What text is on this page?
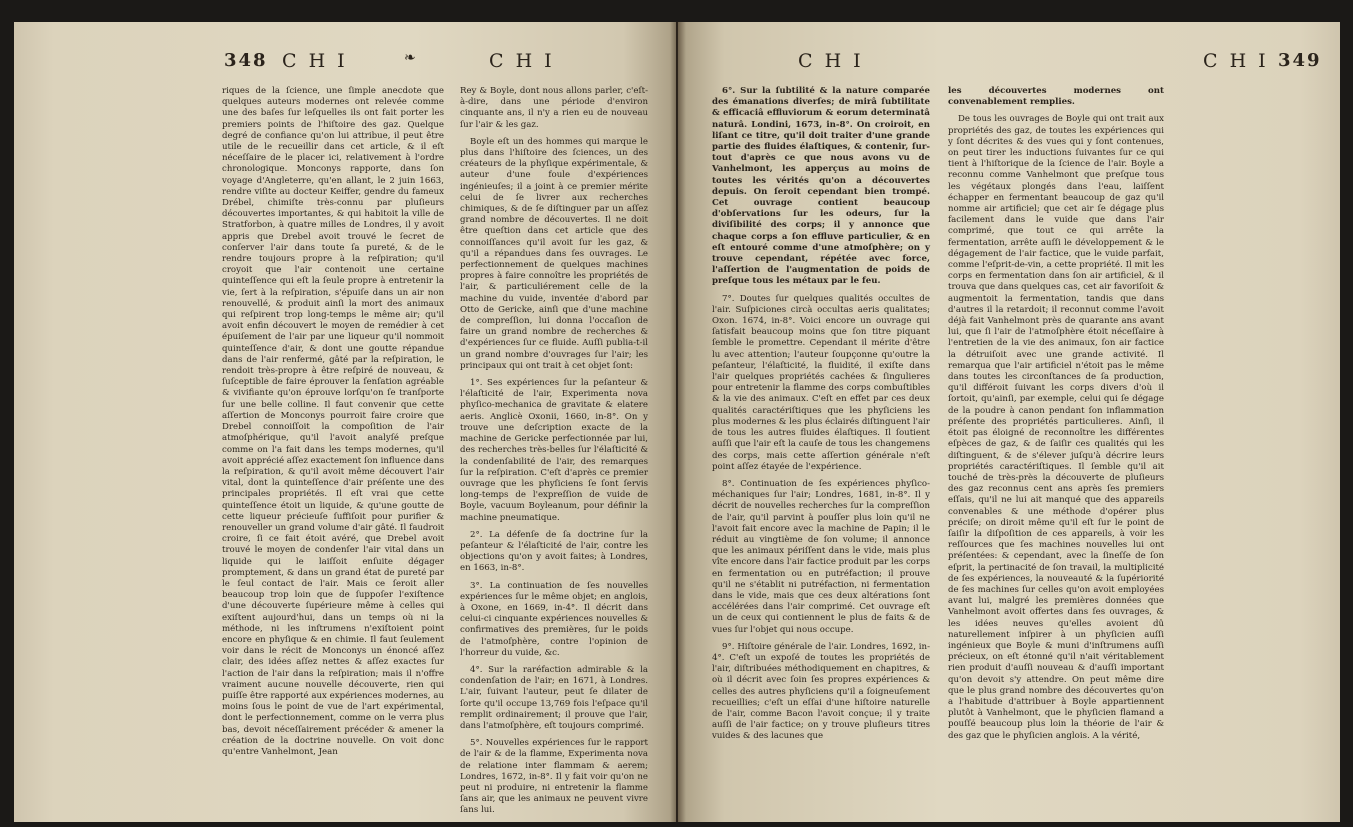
348 C H I	❧	C H I

riques de la ſcience, une ſimple anecdote que quelques auteurs modernes ont relevée comme une des baſes ſur leſquelles ils ont fait porter les premiers points de l'hiſtoire des gaz. Quelque degré de confiance qu'on lui attribue, il peut être utile de le recueillir dans cet article, & il eſt néceſſaire de le placer ici, relativement à l'ordre chronologique. Monconys rapporte, dans ſon voyage d'Angleterre, qu'en allant, le 2 juin 1663, rendre viſite au docteur Keiffer, gendre du fameux Drébel, chimiſte très-connu par pluſieurs découvertes importantes, & qui habitoit la ville de Stratforbon, à quatre milles de Londres, il y avoit appris que Drebel avoit trouvé le ſecret de conſerver l'air dans toute ſa pureté, & de le rendre toujours propre à la reſpiration; qu'il croyoit que l'air contenoit une certaine quinteſſence qui eſt la ſeule propre à entretenir la vie, ſert à la reſpiration, s'épuiſe dans un air non renouvellé, & produit ainſi la mort des animaux qui reſpirent trop long-temps le même air; qu'il avoit enfin découvert le moyen de remédier à cet épuiſement de l'air par une liqueur qu'il nommoit quinteſſence d'air, & dont une goutte répandue dans de l'air renfermé, gâté par la reſpiration, le rendoit très-propre à être reſpiré de nouveau, & ſuſceptible de faire éprouver la ſenſation agréable & vivifiante qu'on éprouve lorſqu'on ſe tranſporte ſur une belle colline. Il faut convenir que cette aſſertion de Monconys pourroit faire croire que Drebel connoiſſoit la compoſition de l'air atmoſphérique, qu'il l'avoit analyſé preſque comme on l'a fait dans les temps modernes, qu'il avoit apprécié aſſez exactement ſon influence dans la reſpiration, & qu'il avoit même découvert l'air vital, dont la quinteſſence d'air préſente une des principales propriétés. Il eſt vrai que cette quinteſſence étoit un liquide, & qu'une goutte de cette liqueur précieuſe ſuffiſoit pour purifier & renouveller un grand volume d'air gâté. Il faudroit croire, ſi ce fait étoit avéré, que Drebel avoit trouvé le moyen de condenſer l'air vital dans un liquide qui le laiſſoit enſuite dégager promptement, & dans un grand état de pureté par le ſeul contact de l'air. Mais ce ſeroit aller beaucoup trop loin que de ſuppoſer l'exiſtence d'une découverte ſupérieure même à celles qui exiſtent aujourd'hui, dans un temps où ni la méthode, ni les inſtrumens n'exiſtoient point encore en phyſique & en chimie. Il faut ſeulement voir dans le récit de Monconys un énoncé aſſez clair, des idées aſſez nettes & aſſez exactes ſur l'action de l'air dans la reſpiration; mais il n'offre vraiment aucune nouvelle découverte, rien qui puiſſe être rapporté aux expériences modernes, au moins ſous le point de vue de l'art expérimental, dont le perfectionnement, comme on le verra plus bas, devoit néceſſairement précéder & amener la création de la doctrine nouvelle. On voit donc qu'entre Vanhelmont, Jean

Rey & Boyle, dont nous allons parler, c'eſt-à-dire, dans une période d'environ cinquante ans, il n'y a rien eu de nouveau ſur l'air & les gaz.

Boyle eſt un des hommes qui marque le plus dans l'hiſtoire des ſciences, un des créateurs de la phyſique expérimentale, & auteur d'une foule d'expériences ingénieuſes; il a joint à ce premier mérite celui de ſe livrer aux recherches chimiques, & de ſe diſtinguer par un aſſez grand nombre de découvertes. Il ne doit être queſtion dans cet article que des connoiſſances qu'il avoit ſur les gaz, & qu'il a répandues dans ſes ouvrages. Le perfectionnement de quelques machines propres à faire connoître les propriétés de l'air, & particuliérement celle de la machine du vuide, inventée d'abord par Otto de Gericke, ainſi que d'une machine de compreſſion, lui donna l'occaſion de faire un grand nombre de recherches & d'expériences ſur ce fluide. Auſſi publia-t-il un grand nombre d'ouvrages ſur l'air; les principaux qui ont trait à cet objet ſont:

1°. Ses expériences ſur la peſanteur & l'élaſticité de l'air, Experimenta nova phyſico-mechanica de gravitate & elatere aeris. Anglicè Oxonii, 1660, in-8°. On y trouve une deſcription exacte de la machine de Gericke perfectionnée par lui, des recherches très-belles ſur l'élaſticité & la condenſabilité de l'air, des remarques ſur la reſpiration. C'eſt d'après ce premier ouvrage que les phyſiciens ſe ſont ſervis long-temps de l'expreſſion de vuide de Boyle, vacuum Boyleanum, pour définir la machine pneumatique.

2°. La défenſe de ſa doctrine ſur la peſanteur & l'élaſticité de l'air, contre les objections qu'on y avoit faites; à Londres, en 1663, in-8°.

3°. La continuation de ſes nouvelles expériences ſur le même objet; en anglois, à Oxone, en 1669, in-4°. Il décrit dans celui-ci cinquante expériences nouvelles & confirmatives des premières, ſur le poids de l'atmoſphère, contre l'opinion de l'horreur du vuide, &c.

4°. Sur la raréfaction admirable & la condenſation de l'air; en 1671, à Londres. L'air, ſuivant l'auteur, peut ſe dilater de ſorte qu'il occupe 13,769 fois l'eſpace qu'il remplit ordinairement; il prouve que l'air, dans l'atmoſphère, eſt toujours comprimé.

5°. Nouvelles expériences ſur le rapport de l'air & de la flamme, Experimenta nova de relatione inter flammam & aerem; Londres, 1672, in-8°. Il y fait voir qu'on ne peut ni produire, ni entretenir la flamme ſans air, que les animaux ne peuvent vivre ſans lui.

C H I	C H I 349

6°. Sur la ſubtilité & la nature comparée des émanations diverſes; de mirâ ſubtilitate & efficaciâ effluviorum & eorum determinatâ naturâ. Londini, 1673, in-8°. On croiroit, en liſant ce titre, qu'il doit traiter d'une grande partie des fluides élaſtiques, & contenir, ſur-tout d'après ce que nous avons vu de Vanhelmont, les apperçus au moins de toutes les vérités qu'on a découvertes depuis. On ſeroit cependant bien trompé. Cet ouvrage contient beaucoup d'obſervations ſur les odeurs, ſur la diviſibilité des corps; il y annonce que chaque corps a ſon effluve particulier, & en eſt entouré comme d'une atmoſphère; on y trouve cependant, répétée avec force, l'aſſertion de l'augmentation de poids de preſque tous les métaux par le feu.

7°. Doutes ſur quelques qualités occultes de l'air. Suſpiciones circà occultas aeris qualitates; Oxon. 1674, in-8°. Voici encore un ouvrage qui ſatisfait beaucoup moins que ſon titre piquant ſemble le promettre. Cependant il mérite d'être lu avec attention; l'auteur ſoupçonne qu'outre la peſanteur, l'élaſticité, la fluidité, il exiſte dans l'air quelques propriétés cachées & ſingulieres pour entretenir la flamme des corps combuſtibles & la vie des animaux. C'eſt en effet par ces deux qualités caractériſtiques que les phyſiciens les plus modernes & les plus éclairés diſtinguent l'air de tous les autres fluides élaſtiques. Il ſoutient auſſi que l'air eſt la cauſe de tous les changemens des corps, mais cette aſſertion générale n'eſt point aſſez étayée de l'expérience.

8°. Continuation de ſes expériences phyſico-méchaniques ſur l'air; Londres, 1681, in-8°. Il y décrit de nouvelles recherches ſur la compreſſion de l'air, qu'il parvint à pouſſer plus loin qu'il ne l'avoit fait encore avec la machine de Papin; il le réduit au vingtième de ſon volume; il annonce que les animaux périſſent dans le vide, mais plus vîte encore dans l'air factice produit par les corps en fermentation ou en putréfaction; il prouve qu'il ne s'établit ni putréfaction, ni fermentation dans le vide, mais que ces deux altérations ſont accélérées dans l'air comprimé. Cet ouvrage eſt un de ceux qui contiennent le plus de faits & de vues ſur l'objet qui nous occupe.

9°. Hiſtoire générale de l'air. Londres, 1692, in-4°. C'eſt un expoſé de toutes les propriétés de l'air, diſtribuées méthodiquement en chapitres, & où il décrit avec ſoin ſes propres expériences & celles des autres phyſiciens qu'il a ſoigneuſement recueillies; c'eſt un eſſai d'une hiſtoire naturelle de l'air, comme Bacon l'avoit conçue; il y traite auſſi de l'air factice; on y trouve pluſieurs titres vuides & des lacunes que

les découvertes modernes ont convenablement remplies.

De tous les ouvrages de Boyle qui ont trait aux propriétés des gaz, de toutes les expériences qui y ſont décrites & des vues qui y ſont contenues, on peut tirer les inductions ſuivantes ſur ce qui tient à l'hiſtorique de la ſcience de l'air. Boyle a reconnu comme Vanhelmont que preſque tous les végétaux plongés dans l'eau, laiſſent échapper en fermentant beaucoup de gaz qu'il nomme air artificiel; que cet air ſe dégage plus facilement dans le vuide que dans l'air comprimé, que tout ce qui arrête la fermentation, arrête auſſi le développement & le dégagement de l'air factice, que le vuide parfait, comme l'eſprit-de-vin, a cette propriété. Il mit les corps en fermentation dans ſon air artificiel, & il trouva que dans quelques cas, cet air favoriſoit & augmentoit la fermentation, tandis que dans d'autres il la retardoit; il reconnut comme l'avoit déjà fait Vanhelmont près de quarante ans avant lui, que ſi l'air de l'atmoſphère étoit néceſſaire à l'entretien de la vie des animaux, ſon air factice la détruiſoit avec une grande activité. Il remarqua que l'air artificiel n'étoit pas le même dans toutes les circonſtances de ſa production, qu'il différoit ſuivant les corps divers d'où il ſortoit, qu'ainſi, par exemple, celui qui ſe dégage de la poudre à canon pendant ſon inflammation préſente des propriétés particulieres. Ainſi, il étoit pas éloigné de reconnoître les différentes eſpèces de gaz, & de ſaiſir ces qualités qui les diſtinguent, & de s'élever juſqu'à décrire leurs propriétés caractériſtiques. Il ſemble qu'il ait touché de très-près la découverte de pluſieurs des gaz reconnus cent ans après ſes premiers eſſais, qu'il ne lui ait manqué que des appareils convenables & une méthode d'opérer plus préciſe; on diroit même qu'il eſt ſur le point de ſaiſir la diſpoſition de ces appareils, à voir les reſſources que ſes machines nouvelles lui ont préſentées: & cependant, avec la ſineſſe de ſon eſprit, la pertinacité de ſon travail, la multiplicité de ſes expériences, la nouveauté & la ſupériorité de ſes machines ſur celles qu'on avoit employées avant lui, malgré les premières données que Vanhelmont avoit offertes dans ſes ouvrages, & les idées neuves qu'elles avoient dû naturellement inſpirer à un phyſicien auſſi ingénieux que Boyle & muni d'inſtrumens auſſi précieux, on eſt étonné qu'il n'ait véritablement rien produit d'auſſi nouveau & d'auſſi important qu'on devoit s'y attendre. On peut même dire que le plus grand nombre des découvertes qu'on a l'habitude d'attribuer à Boyle appartiennent plutôt à Vanhelmont, que le phyſicien flamand a pouſſé beaucoup plus loin la théorie de l'air & des gaz que le phyſicien anglois. A la vérité,
